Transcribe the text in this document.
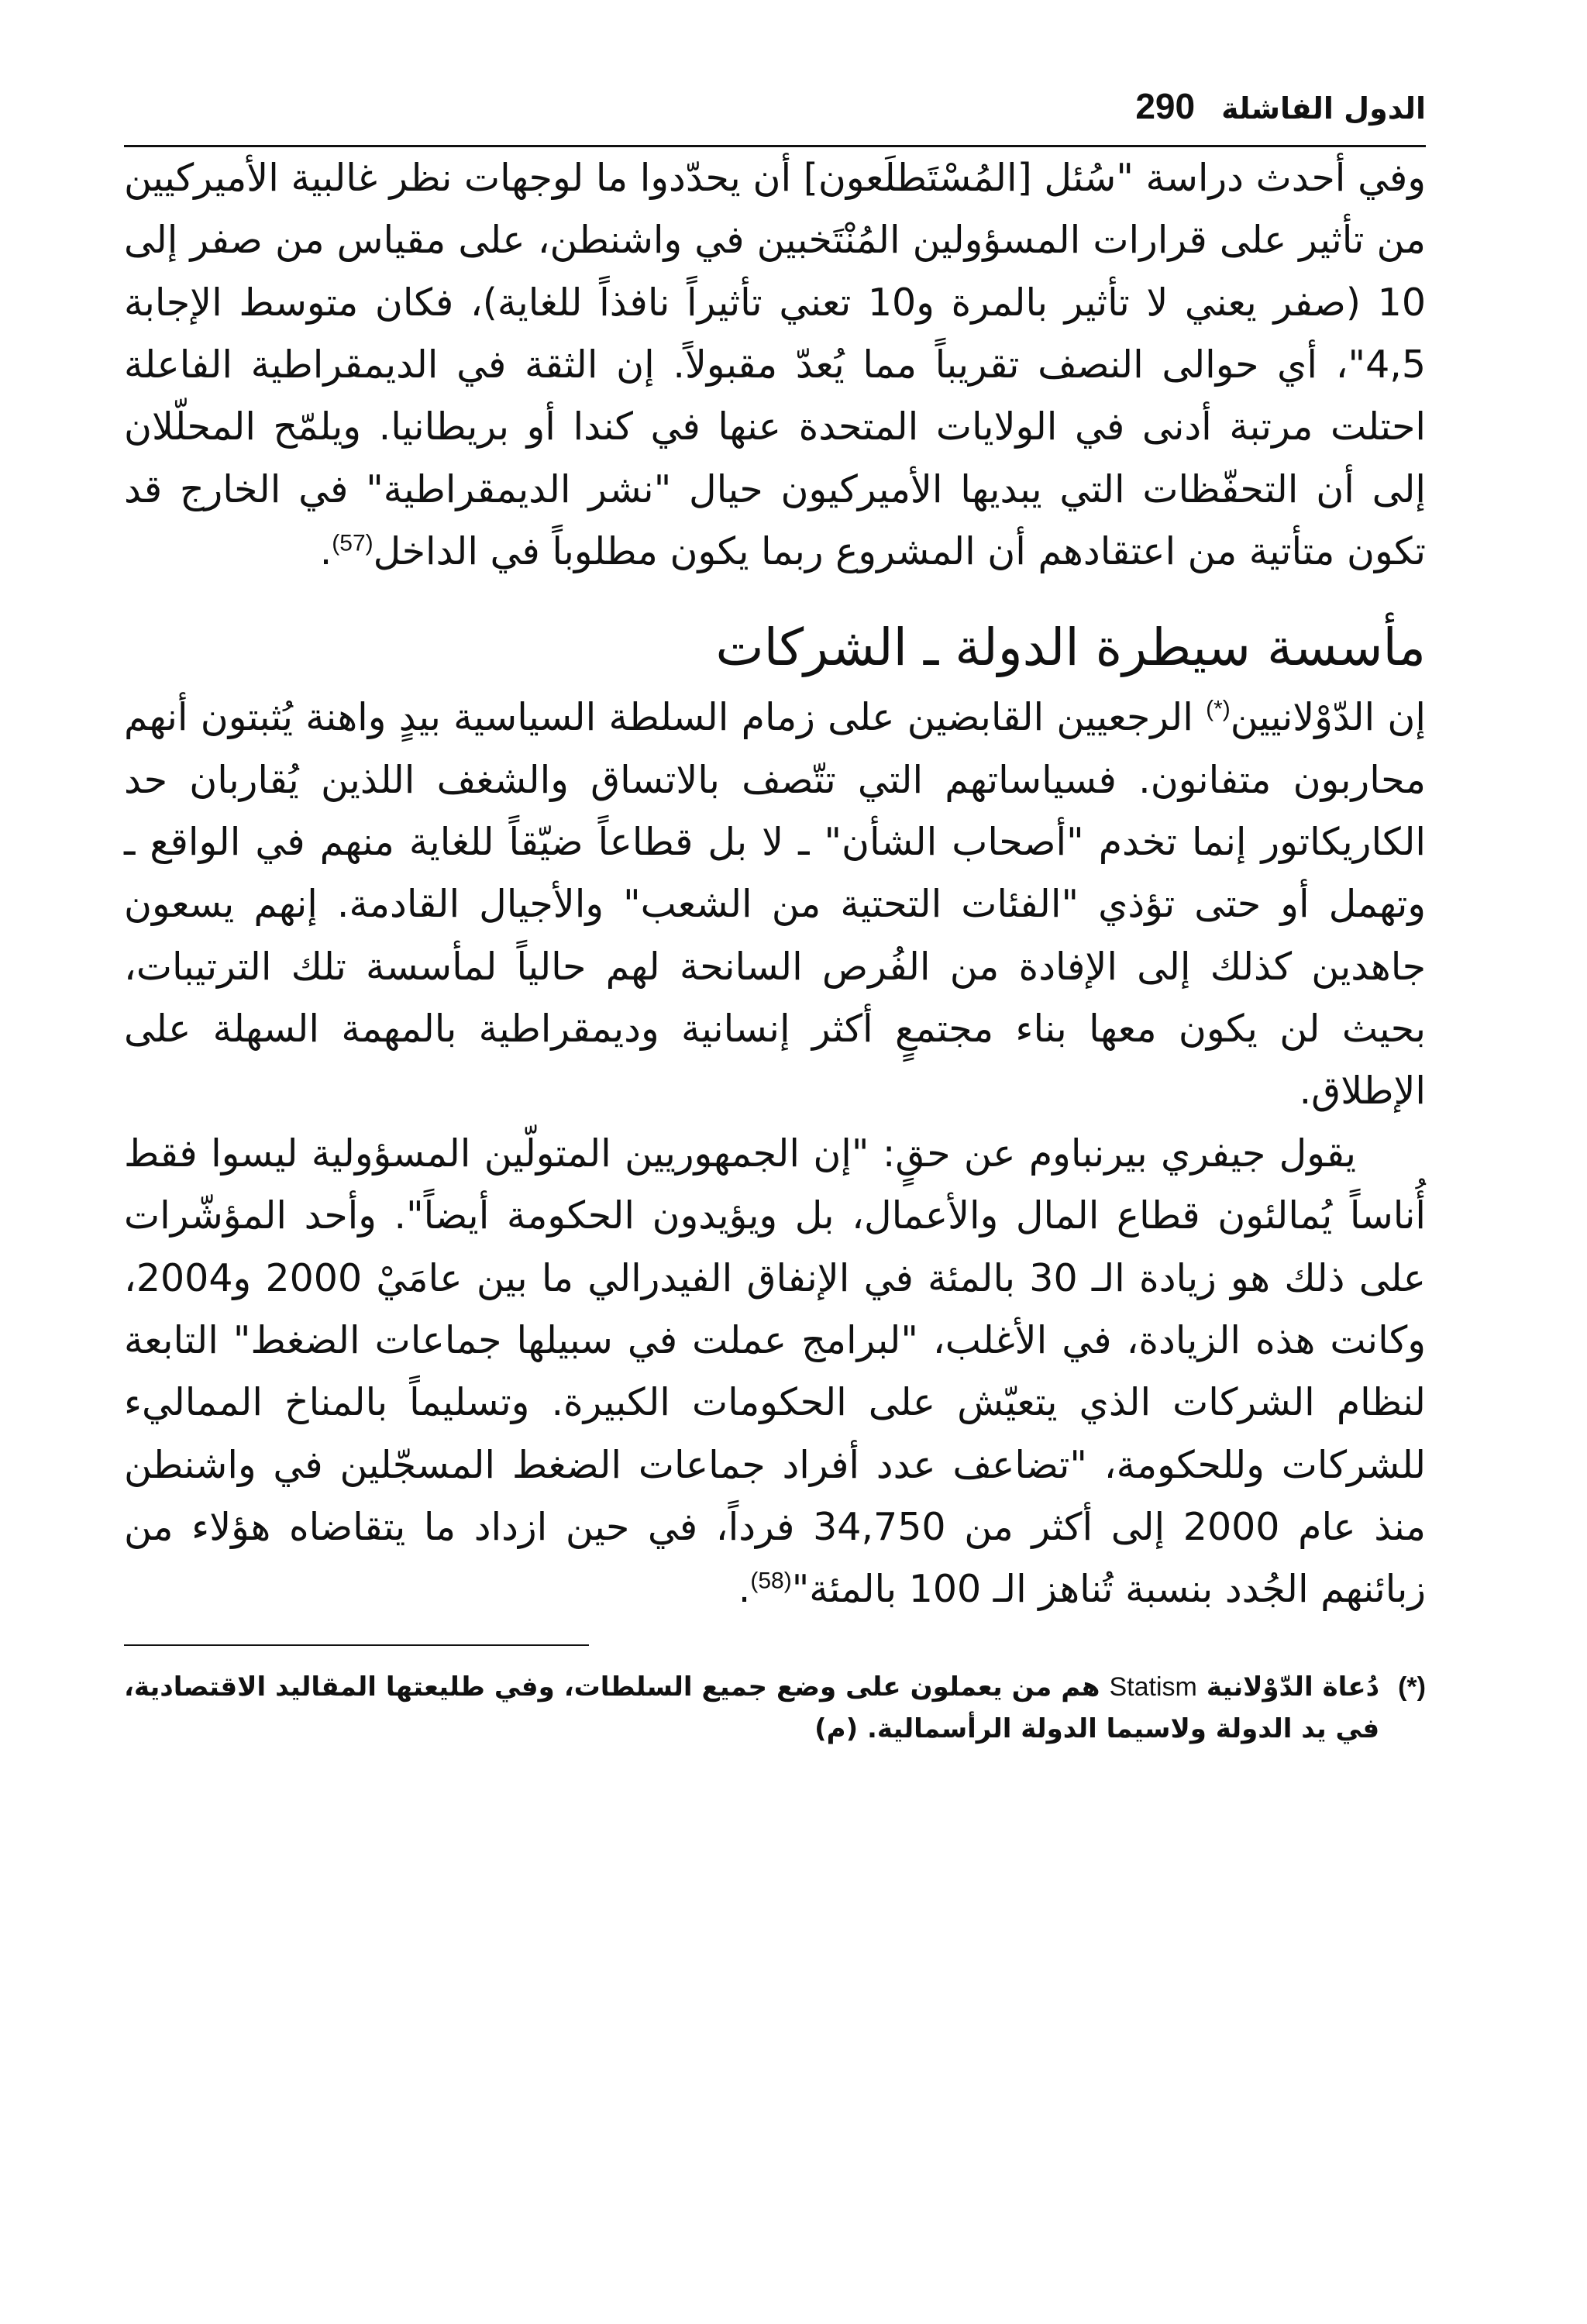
290 الدول الفاشلة

وفي أحدث دراسة "سُئل [المُسْتَطلَعون] أن يحدّدوا ما لوجهات نظر غالبية الأميركيين من تأثير على قرارات المسؤولين المُنْتَخبين في واشنطن، على مقياس من صفر إلى 10 (صفر يعني لا تأثير بالمرة و10 تعني تأثيراً نافذاً للغاية)، فكان متوسط الإجابة 4,5"، أي حوالى النصف تقريباً مما يُعدّ مقبولاً. إن الثقة في الديمقراطية الفاعلة احتلت مرتبة أدنى في الولايات المتحدة عنها في كندا أو بريطانيا. ويلمّح المحلّلان إلى أن التحفّظات التي يبديها الأميركيون حيال "نشر الديمقراطية" في الخارج قد تكون متأتية من اعتقادهم أن المشروع ربما يكون مطلوباً في الداخل$^{(57)}$.

مأسسة سيطرة الدولة ـ الشركات

إن الدّوْلانيين(*) الرجعيين القابضين على زمام السلطة السياسية بيدٍ واهنة يُثبتون أنهم محاربون متفانون. فسياساتهم التي تتّصف بالاتساق والشغف اللذين يُقاربان حد الكاريكاتور إنما تخدم "أصحاب الشأن" ـ لا بل قطاعاً ضيّقاً للغاية منهم في الواقع ـ وتهمل أو حتى تؤذي "الفئات التحتية من الشعب" والأجيال القادمة. إنهم يسعون جاهدين كذلك إلى الإفادة من الفُرص السانحة لهم حالياً لمأسسة تلك الترتيبات، بحيث لن يكون معها بناء مجتمعٍ أكثر إنسانية وديمقراطية بالمهمة السهلة على الإطلاق.

يقول جيفري بيرنباوم عن حقٍ: "إن الجمهوريين المتولّين المسؤولية ليسوا فقط أُناساً يُمالئون قطاع المال والأعمال، بل ويؤيدون الحكومة أيضاً". وأحد المؤشّرات على ذلك هو زيادة الـ 30 بالمئة في الإنفاق الفيدرالي ما بين عامَيْ 2000 و2004، وكانت هذه الزيادة، في الأغلب، "لبرامج عملت في سبيلها جماعات الضغط" التابعة لنظام الشركات الذي يتعيّش على الحكومات الكبيرة. وتسليماً بالمناخ المماليء للشركات وللحكومة، "تضاعف عدد أفراد جماعات الضغط المسجّلين في واشنطن منذ عام 2000 إلى أكثر من 34,750 فرداً، في حين ازداد ما يتقاضاه هؤلاء من زبائنهم الجُدد بنسبة تُناهز الـ 100 بالمئة"$^{(58)}$.

(*)
دُعاة الدّوْلانية Statism هم من يعملون على وضع جميع السلطات، وفي طليعتها المقاليد الاقتصادية، في يد الدولة ولاسيما الدولة الرأسمالية. (م)
